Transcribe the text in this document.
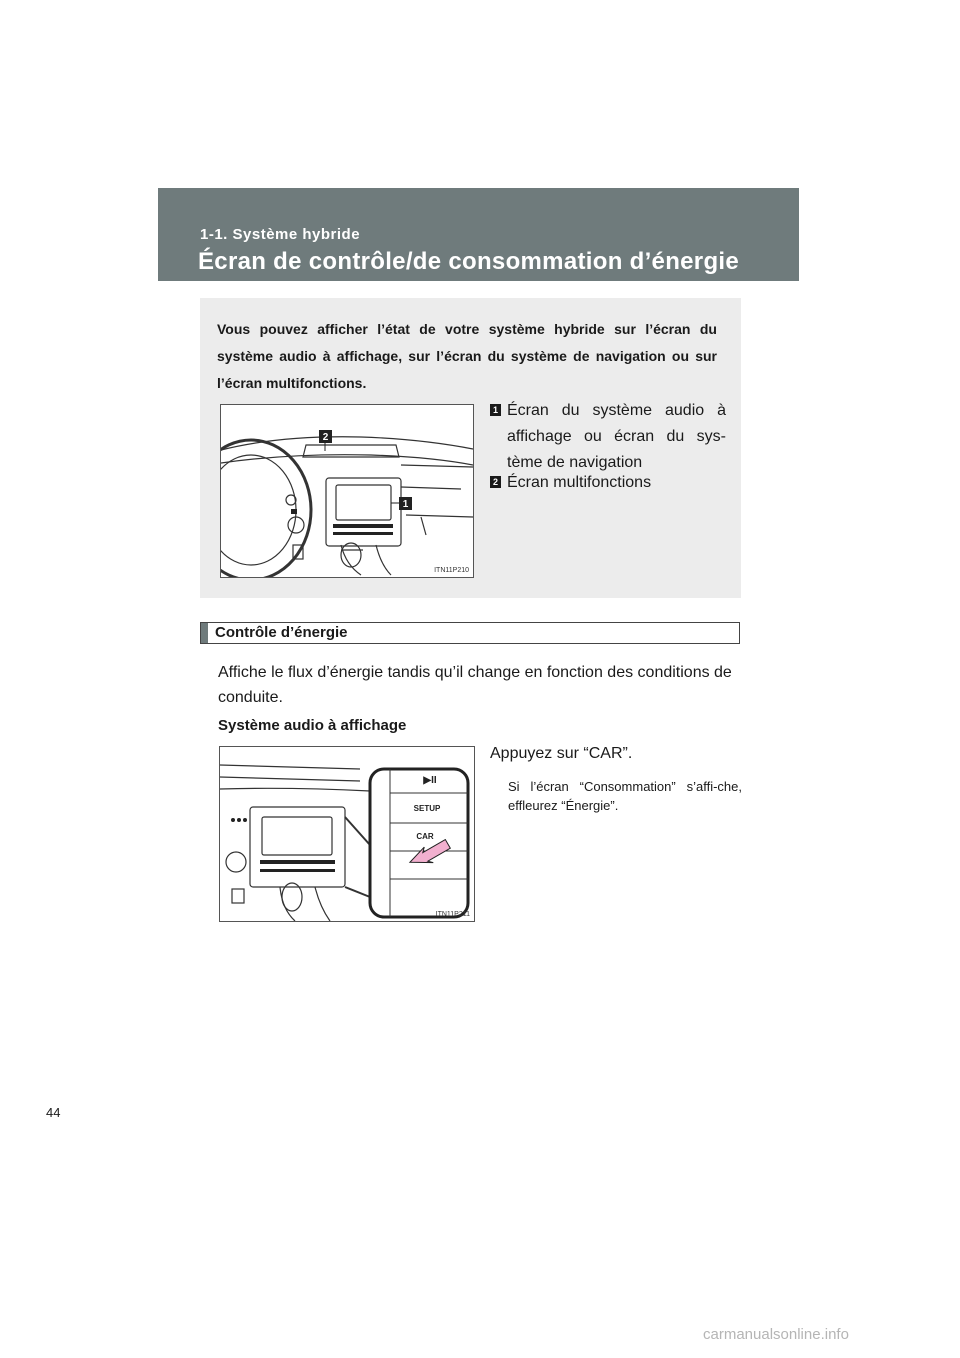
1-1. Système hybride
Écran de contrôle/de consommation d’énergie

Vous pouvez afficher l’état de votre système hybride sur l’écran du système audio à affichage, sur l’écran du système de navigation ou sur l’écran multifonctions.

2
1
ITN11P210
1 Écran du système audio à affichage ou écran du sys-tème de navigation
2 Écran multifonctions
Contrôle d’énergie

Affiche le flux d’énergie tandis qu’il change en fonction des conditions de conduite.

Système audio à affichage
▶II
SETUP
CAR
ITN11P211
Appuyez sur “CAR”.

Si l’écran “Consommation” s’affi-che, effleurez “Énergie”.

44
carmanualsonline.info
